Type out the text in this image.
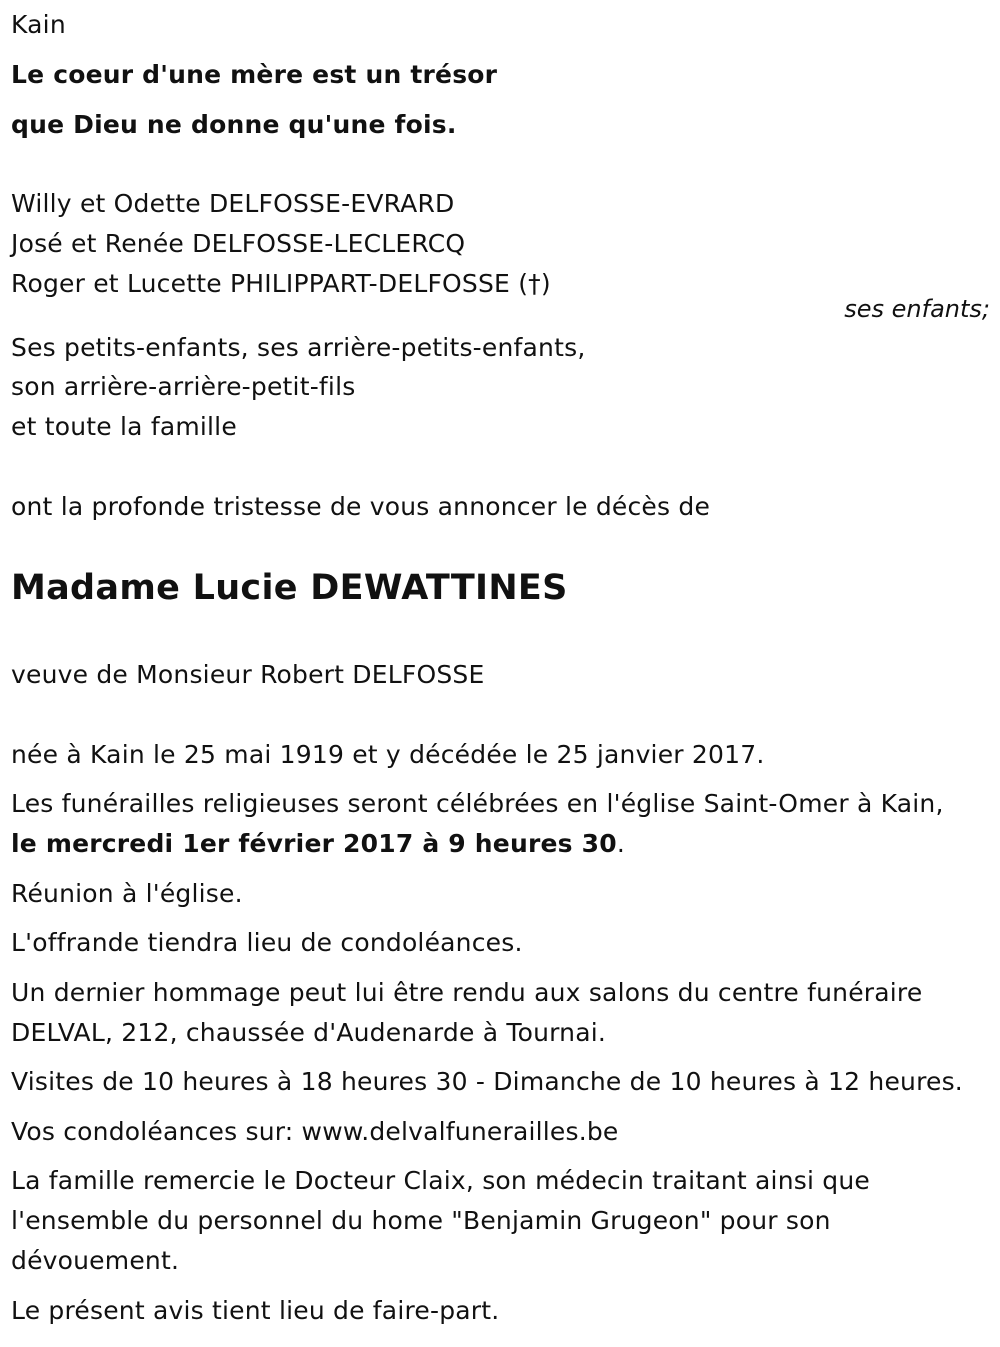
Kain
Le coeur d'une mère est un trésor
que Dieu ne donne qu'une fois.
Willy et Odette DELFOSSE-EVRARD
José et Renée DELFOSSE-LECLERCQ
Roger et Lucette PHILIPPART-DELFOSSE (†)
ses enfants;
Ses petits-enfants, ses arrière-petits-enfants,
son arrière-arrière-petit-fils
et toute la famille
ont la profonde tristesse de vous annoncer le décès de
Madame Lucie DEWATTINES
veuve de Monsieur Robert DELFOSSE
née à Kain le 25 mai 1919 et y décédée le 25 janvier 2017.
Les funérailles religieuses seront célébrées en l'église Saint-Omer à Kain,
le mercredi 1er février 2017 à 9 heures 30.
Réunion à l'église.
L'offrande tiendra lieu de condoléances.
Un dernier hommage peut lui être rendu aux salons du centre funéraire
DELVAL, 212, chaussée d'Audenarde à Tournai.
Visites de 10 heures à 18 heures 30 - Dimanche de 10 heures à 12 heures.
Vos condoléances sur: www.delvalfunerailles.be
La famille remercie le Docteur Claix, son médecin traitant ainsi que
l'ensemble du personnel du home "Benjamin Grugeon" pour son
dévouement.
Le présent avis tient lieu de faire-part.
